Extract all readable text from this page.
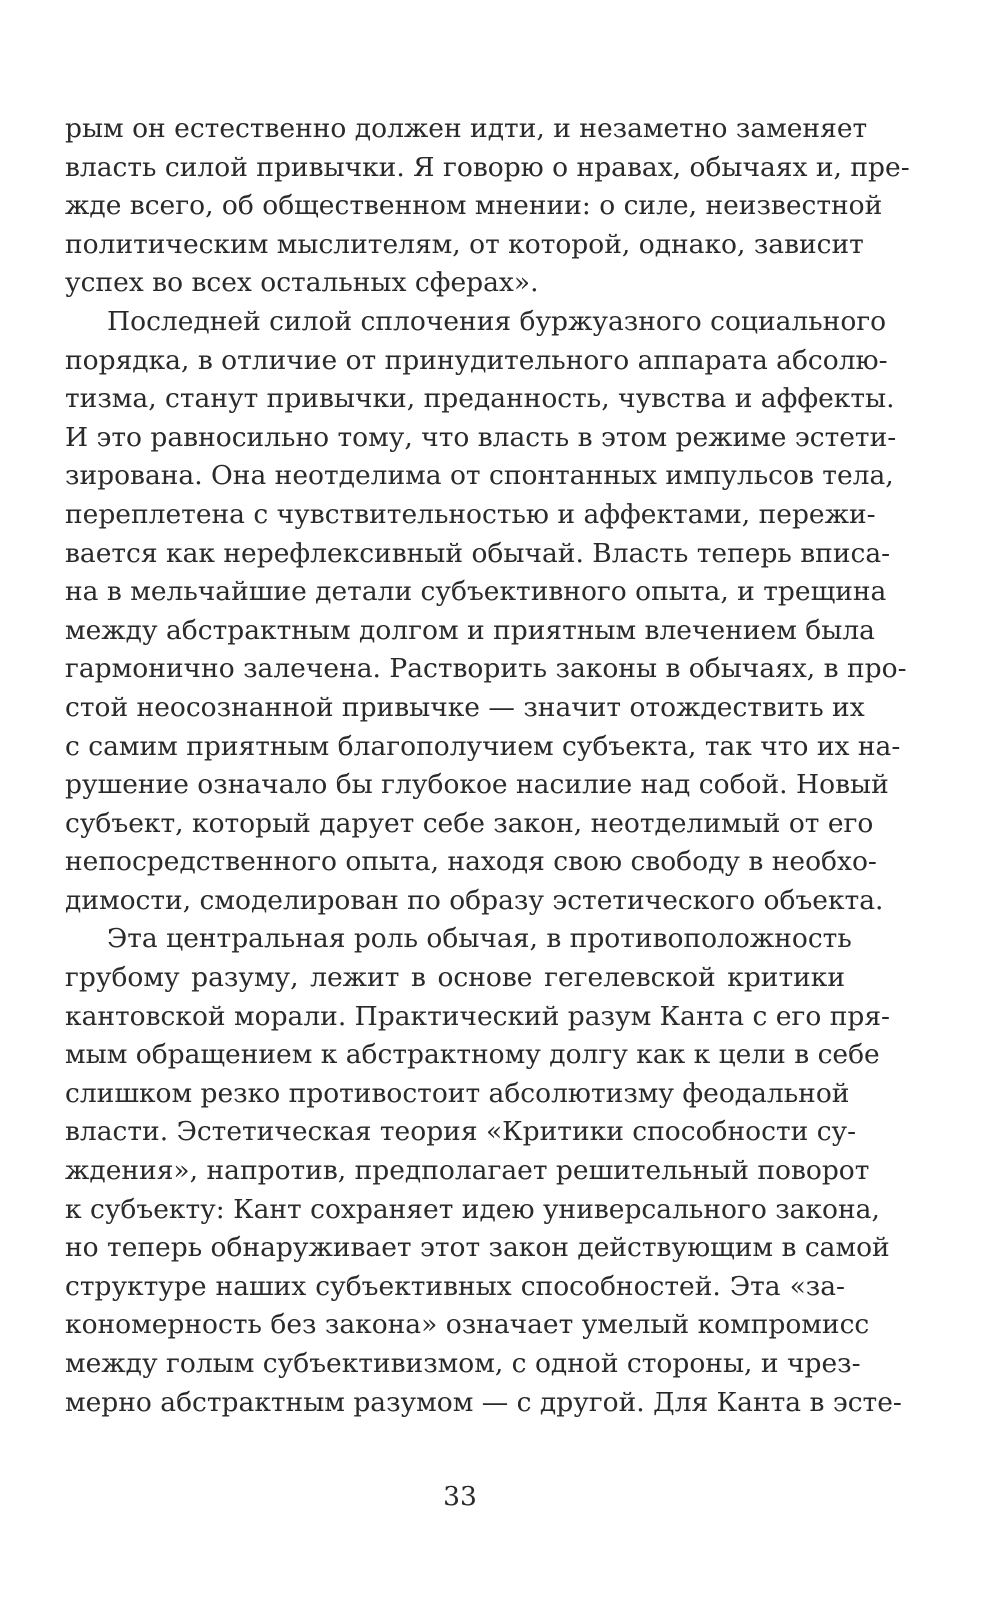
рым он естественно должен идти, и незаметно заменяет
власть силой привычки. Я говорю о нравах, обычаях и, пре-
жде всего, об общественном мнении: о силе, неизвестной
политическим мыслителям, от которой, однако, зависит
успех во всех остальных сферах».
Последней силой сплочения буржуазного социального
порядка, в отличие от принудительного аппарата абсолю-
тизма, станут привычки, преданность, чувства и аффекты.
И это равносильно тому, что власть в этом режиме эстети-
зирована. Она неотделима от спонтанных импульсов тела,
переплетена с чувствительностью и аффектами, пережи-
вается как нерефлексивный обычай. Власть теперь вписа-
на в мельчайшие детали субъективного опыта, и трещина
между абстрактным долгом и приятным влечением была
гармонично залечена. Растворить законы в обычаях, в про-
стой неосознанной привычке — значит отождествить их
с самим приятным благополучием субъекта, так что их на-
рушение означало бы глубокое насилие над собой. Новый
субъект, который дарует себе закон, неотделимый от его
непосредственного опыта, находя свою свободу в необхо-
димости, смоделирован по образу эстетического объекта.
Эта центральная роль обычая, в противоположность
грубому разуму, лежит в основе гегелевской критики
кантовской морали. Практический разум Канта с его пря-
мым обращением к абстрактному долгу как к цели в себе
слишком резко противостоит абсолютизму феодальной
власти. Эстетическая теория «Критики способности су-
ждения», напротив, предполагает решительный поворот
к субъекту: Кант сохраняет идею универсального закона,
но теперь обнаруживает этот закон действующим в самой
структуре наших субъективных способностей. Эта «за-
кономерность без закона» означает умелый компромисс
между голым субъективизмом, с одной стороны, и чрез-
мерно абстрактным разумом — с другой. Для Канта в эсте-
33
